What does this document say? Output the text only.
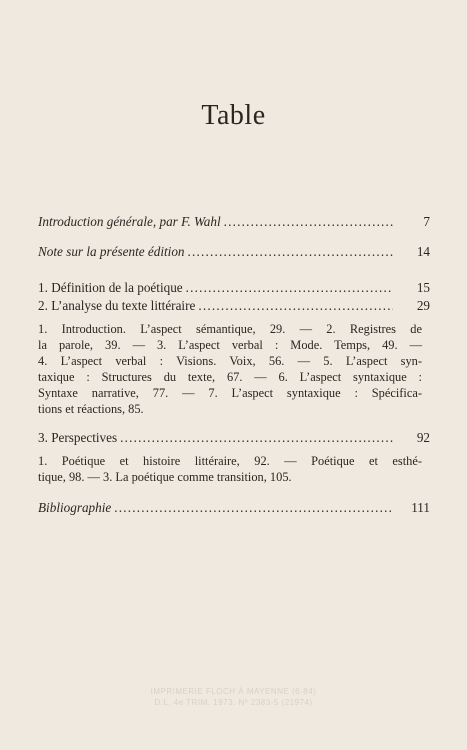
Table
Introduction générale, par F. Wahl .....	7
Note sur la présente édition .....	14
1. Définition de la poétique .....	15
2. L’analyse du texte littéraire .....	29
1. Introduction. L’aspect sémantique, 29. — 2. Registres de
la parole, 39. — 3. L’aspect verbal : Mode. Temps, 49. —
4. L’aspect verbal : Visions. Voix, 56. — 5. L’aspect syn-
taxique : Structures du texte, 67. — 6. L’aspect syntaxique :
Syntaxe narrative, 77. — 7. L’aspect syntaxique : Spécifica-
tions et réactions, 85.
3. Perspectives .....	92
1. Poétique et histoire littéraire, 92. — Poétique et esthé-
tique, 98. — 3. La poétique comme transition, 105.
Bibliographie .....	111
IMPRIMERIE FLOCH À MAYENNE (6-84)
D.L. 4e TRIM. 1973. Nº 2383-5 (21974)
